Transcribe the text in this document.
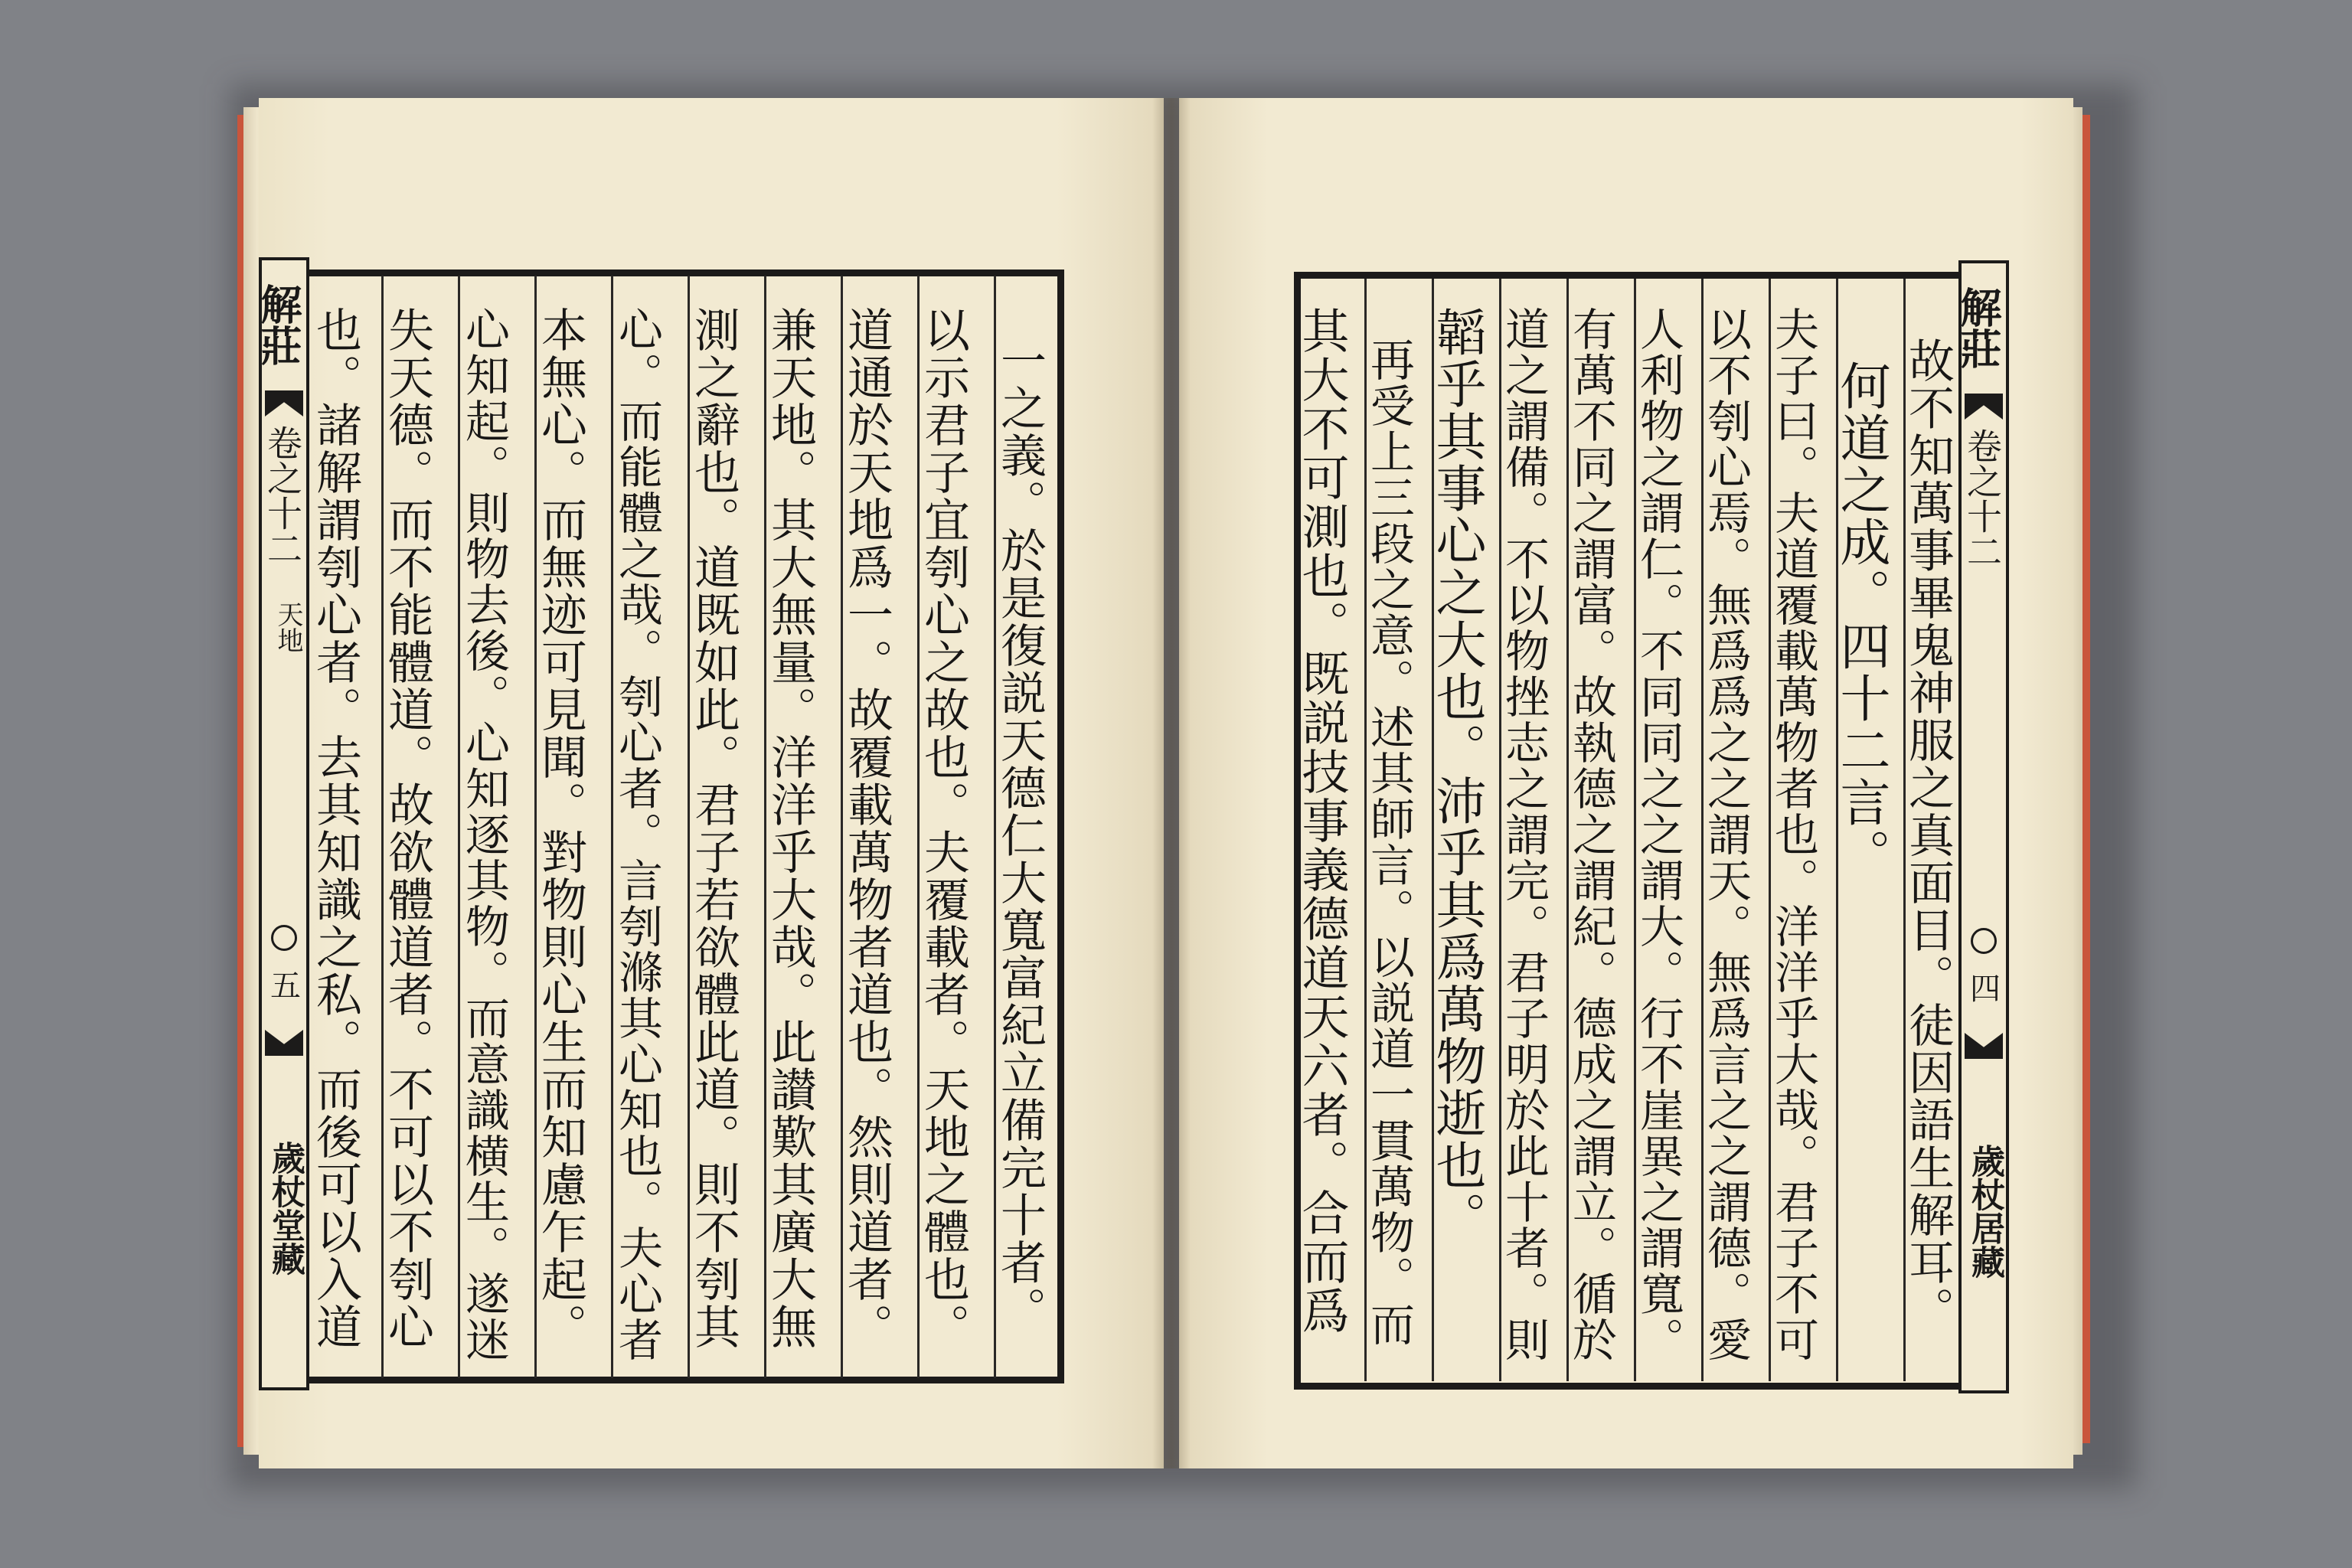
解莊
卷之十二
天地
五
歲杖堂藏	一之義。於是復説天德仁大寬富紀立備完十者。
以示君子宜刳心之故也。夫覆載者。天地之體也。
道通於天地爲一。故覆載萬物者道也。然則道者。
兼天地。其大無量。洋洋乎大哉。此讃歎其廣大無
測之辭也。道既如此。君子若欲體此道。則不刳其
心。而能體之哉。刳心者。言刳滌其心知也。夫心者
本無心。而無迹可見聞。對物則心生而知慮乍起。
心知起。則物去後。心知逐其物。而意識横生。遂迷
失天德。而不能體道。故欲體道者。不可以不刳心
也。諸解謂刳心者。去其知識之私。而後可以入道	解莊
卷之十二
四
歲杖居藏
故不知萬事畢鬼神服之真面目。徒因語生解耳。
何道之成。四十二言。
夫子曰。夫道覆載萬物者也。洋洋乎大哉。君子不可
以不刳心焉。無爲爲之之謂天。無爲言之之謂德。愛
人利物之謂仁。不同同之之謂大。行不崖異之謂寬。
有萬不同之謂富。故執德之謂紀。德成之謂立。循於
道之謂備。不以物挫志之謂完。君子明於此十者。則
韜乎其事心之大也。沛乎其爲萬物逝也。
再受上三段之意。述其師言。以説道一貫萬物。而
其大不可測也。既説技事義德道天六者。合而爲
